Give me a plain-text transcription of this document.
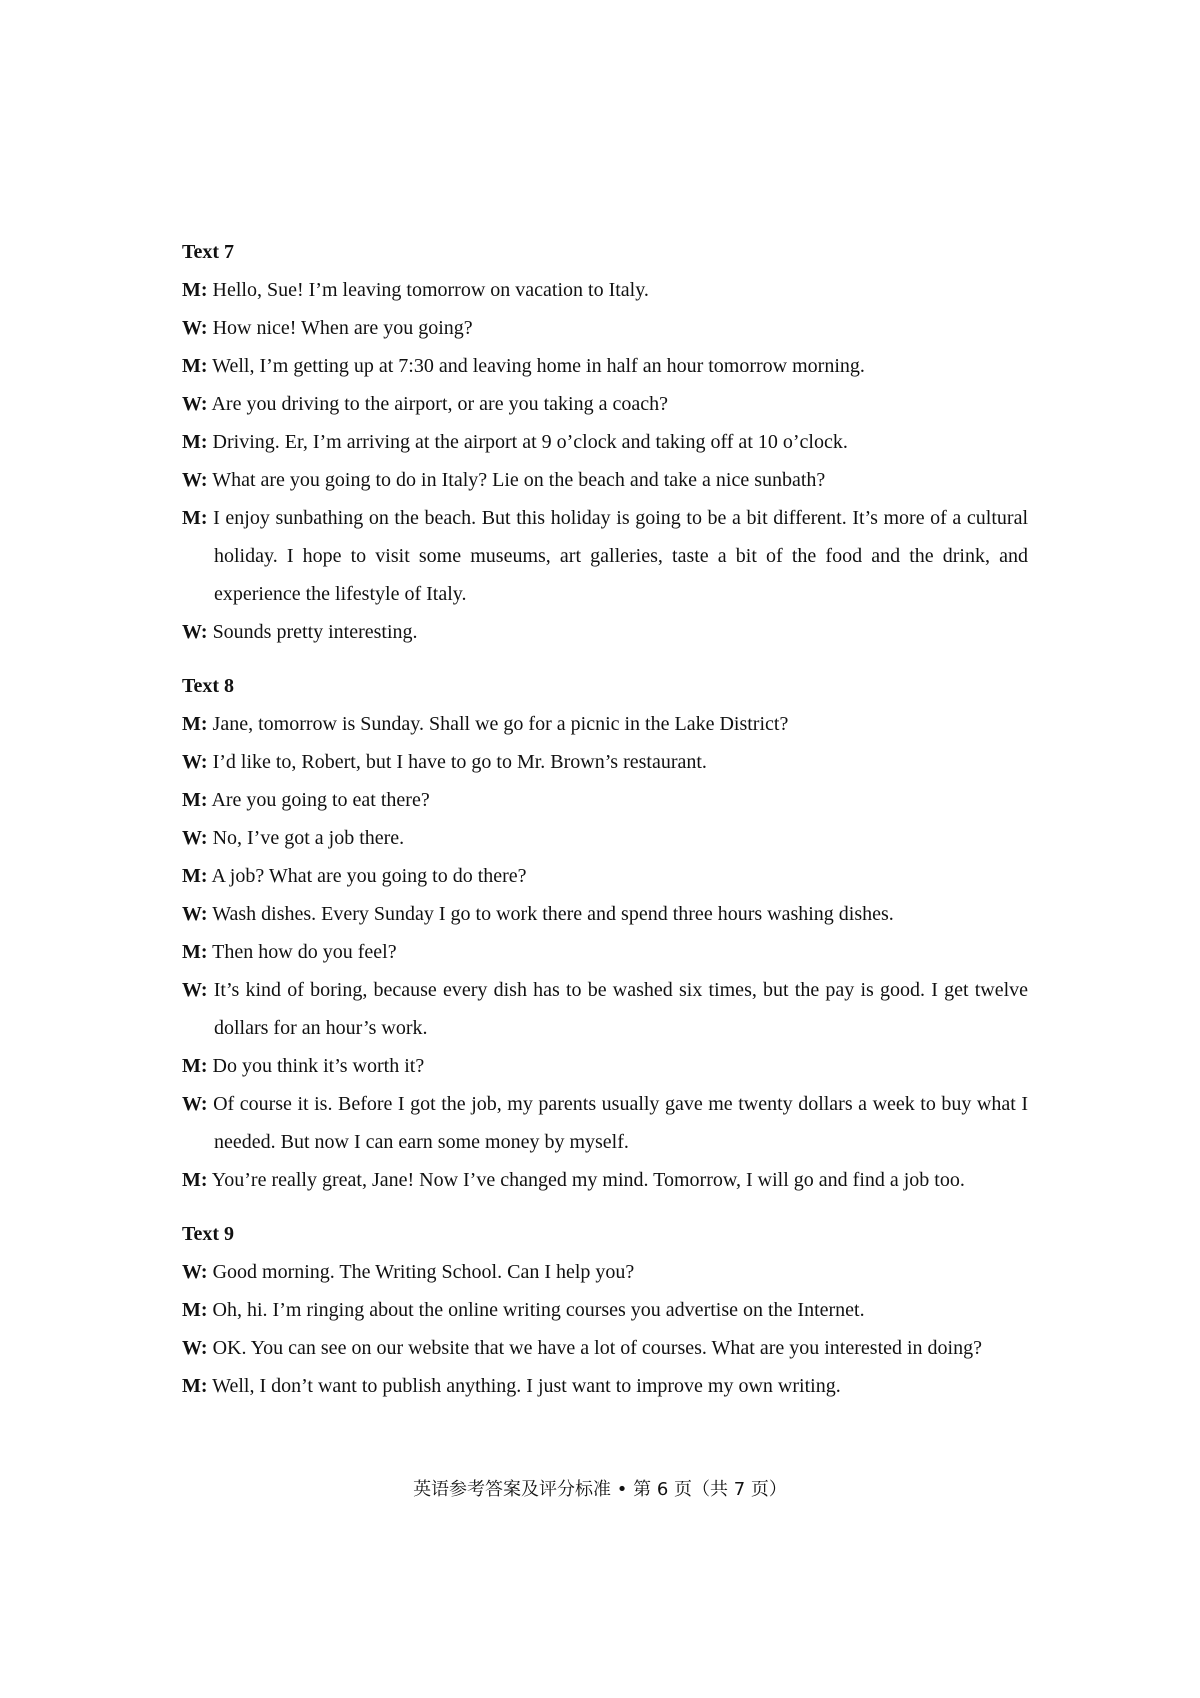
Text 7
M: Hello, Sue! I’m leaving tomorrow on vacation to Italy.
W: How nice! When are you going?
M: Well, I’m getting up at 7:30 and leaving home in half an hour tomorrow morning.
W: Are you driving to the airport, or are you taking a coach?
M: Driving. Er, I’m arriving at the airport at 9 o’clock and taking off at 10 o’clock.
W: What are you going to do in Italy? Lie on the beach and take a nice sunbath?
M: I enjoy sunbathing on the beach. But this holiday is going to be a bit different. It’s more of a cultural holiday. I hope to visit some museums, art galleries, taste a bit of the food and the drink, and experience the lifestyle of Italy.
W: Sounds pretty interesting.
Text 8
M: Jane, tomorrow is Sunday. Shall we go for a picnic in the Lake District?
W: I’d like to, Robert, but I have to go to Mr. Brown’s restaurant.
M: Are you going to eat there?
W: No, I’ve got a job there.
M: A job? What are you going to do there?
W: Wash dishes. Every Sunday I go to work there and spend three hours washing dishes.
M: Then how do you feel?
W: It’s kind of boring, because every dish has to be washed six times, but the pay is good. I get twelve dollars for an hour’s work.
M: Do you think it’s worth it?
W: Of course it is. Before I got the job, my parents usually gave me twenty dollars a week to buy what I needed. But now I can earn some money by myself.
M: You’re really great, Jane! Now I’ve changed my mind. Tomorrow, I will go and find a job too.
Text 9
W: Good morning. The Writing School. Can I help you?
M: Oh, hi. I’m ringing about the online writing courses you advertise on the Internet.
W: OK. You can see on our website that we have a lot of courses. What are you interested in doing?
M: Well, I don’t want to publish anything. I just want to improve my own writing.
英语参考答案及评分标准 • 第 6 页（共 7 页）
